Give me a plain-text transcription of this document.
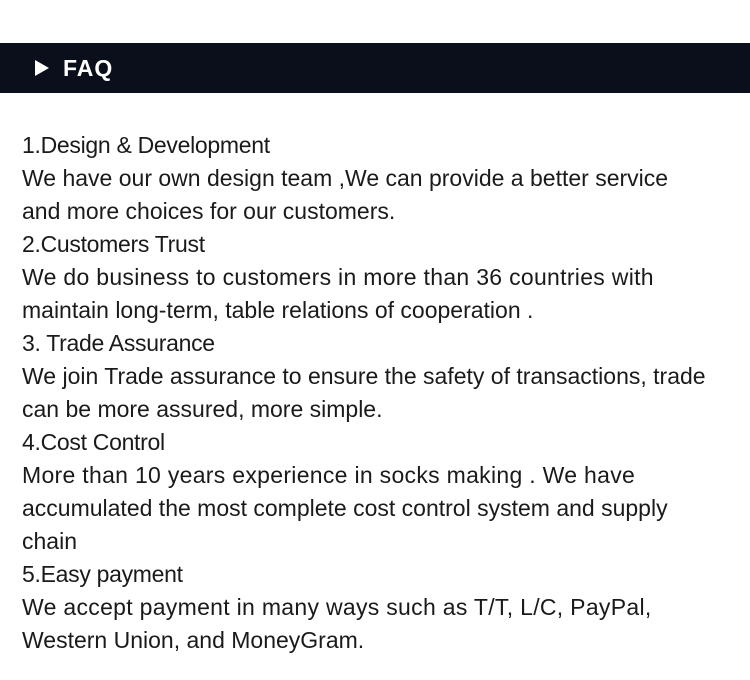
FAQ

1.Design & Development

We have our own design team ,We can provide a better service

and more choices for our customers.

2.Customers Trust

We do business to customers in more than 36 countries with

maintain long-term, table relations of cooperation .

3. Trade Assurance

We join Trade assurance to ensure the safety of transactions, trade

can be more assured, more simple.

4.Cost Control

More than 10 years experience in socks making . We have

accumulated the most complete cost control system and supply

chain

5.Easy payment

We accept payment in many ways such as T/T, L/C, PayPal,

Western Union, and MoneyGram.
